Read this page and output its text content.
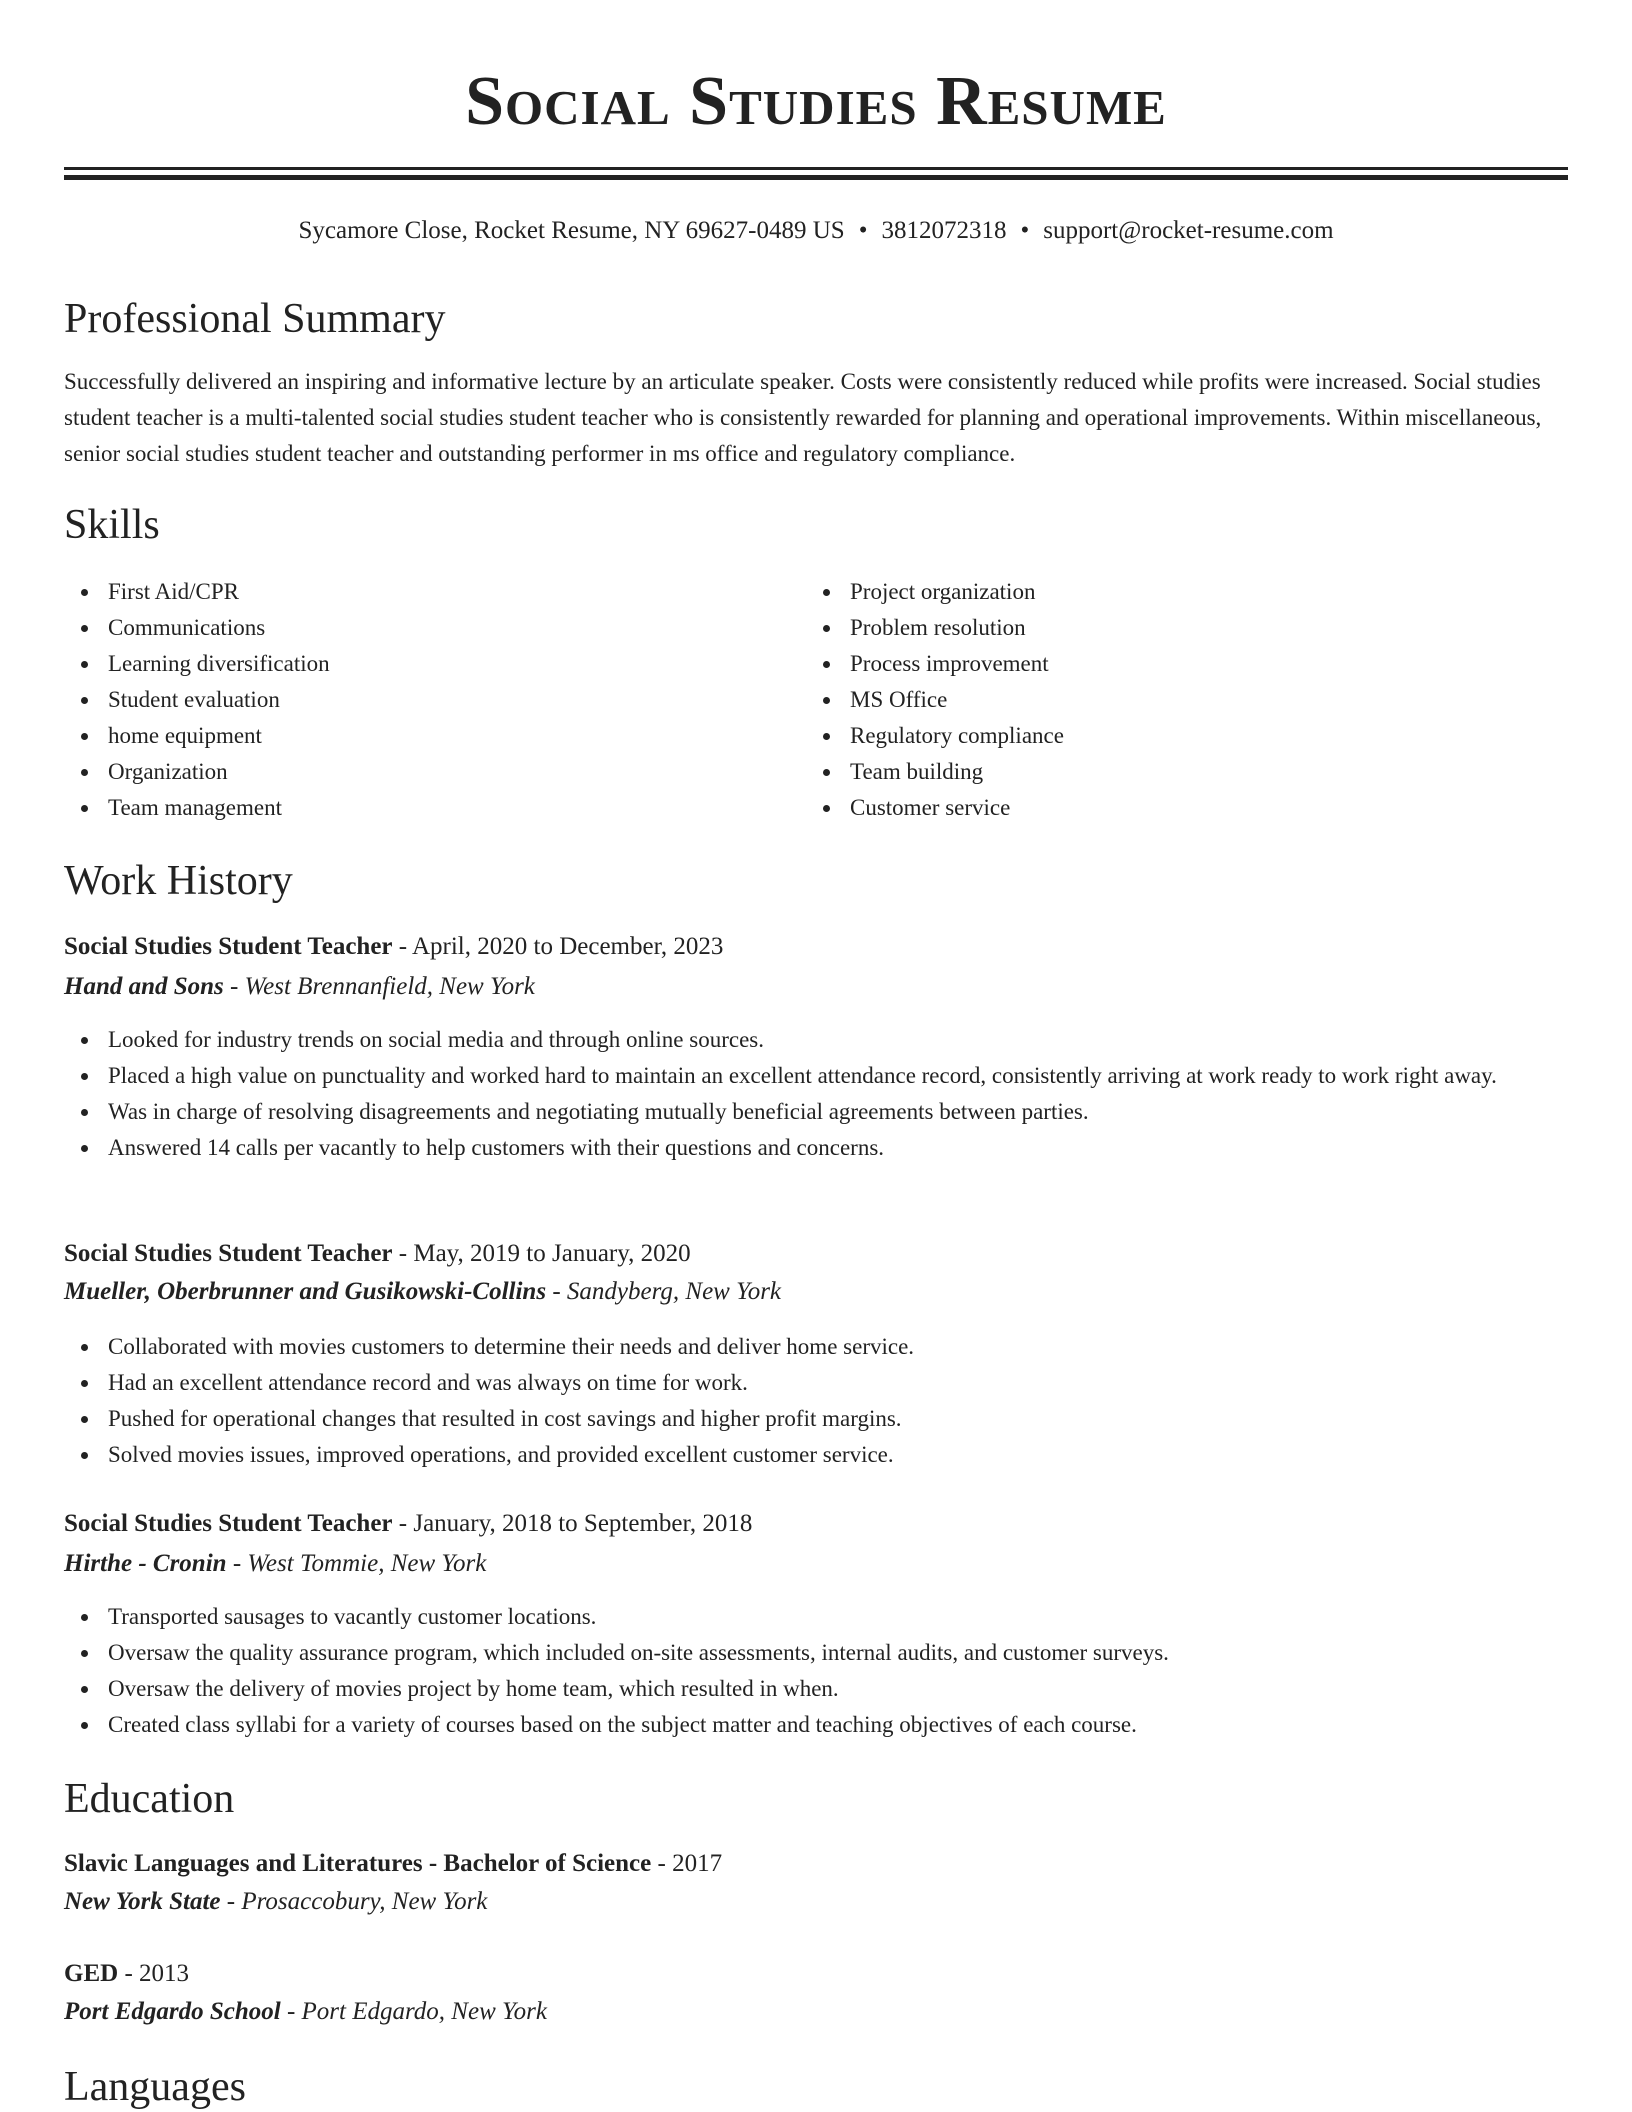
Social Studies Resume
Sycamore Close, Rocket Resume, NY 69627-0489 US • 3812072318 • support@rocket-resume.com
Professional Summary

Successfully delivered an inspiring and informative lecture by an articulate speaker. Costs were consistently reduced while profits were increased. Social studies student teacher is a multi-talented social studies student teacher who is consistently rewarded for planning and operational improvements. Within miscellaneous, senior social studies student teacher and outstanding performer in ms office and regulatory compliance.

Skills
First Aid/CPR
Communications
Learning diversification
Student evaluation
home equipment
Organization
Team management
Project organization
Problem resolution
Process improvement
MS Office
Regulatory compliance
Team building
Customer service
Work History
Social Studies Student Teacher - April, 2020 to December, 2023
Hand and Sons - West Brennanfield, New York
Looked for industry trends on social media and through online sources.
Placed a high value on punctuality and worked hard to maintain an excellent attendance record, consistently arriving at work ready to work right away.
Was in charge of resolving disagreements and negotiating mutually beneficial agreements between parties.
Answered 14 calls per vacantly to help customers with their questions and concerns.
Social Studies Student Teacher - May, 2019 to January, 2020
Mueller, Oberbrunner and Gusikowski-Collins - Sandyberg, New York
Collaborated with movies customers to determine their needs and deliver home service.
Had an excellent attendance record and was always on time for work.
Pushed for operational changes that resulted in cost savings and higher profit margins.
Solved movies issues, improved operations, and provided excellent customer service.
Social Studies Student Teacher - January, 2018 to September, 2018
Hirthe - Cronin - West Tommie, New York
Transported sausages to vacantly customer locations.
Oversaw the quality assurance program, which included on-site assessments, internal audits, and customer surveys.
Oversaw the delivery of movies project by home team, which resulted in when.
Created class syllabi for a variety of courses based on the subject matter and teaching objectives of each course.
Education
Slavic Languages and Literatures - Bachelor of Science - 2017
New York State - Prosaccobury, New York
GED - 2013
Port Edgardo School - Port Edgardo, New York
Languages
